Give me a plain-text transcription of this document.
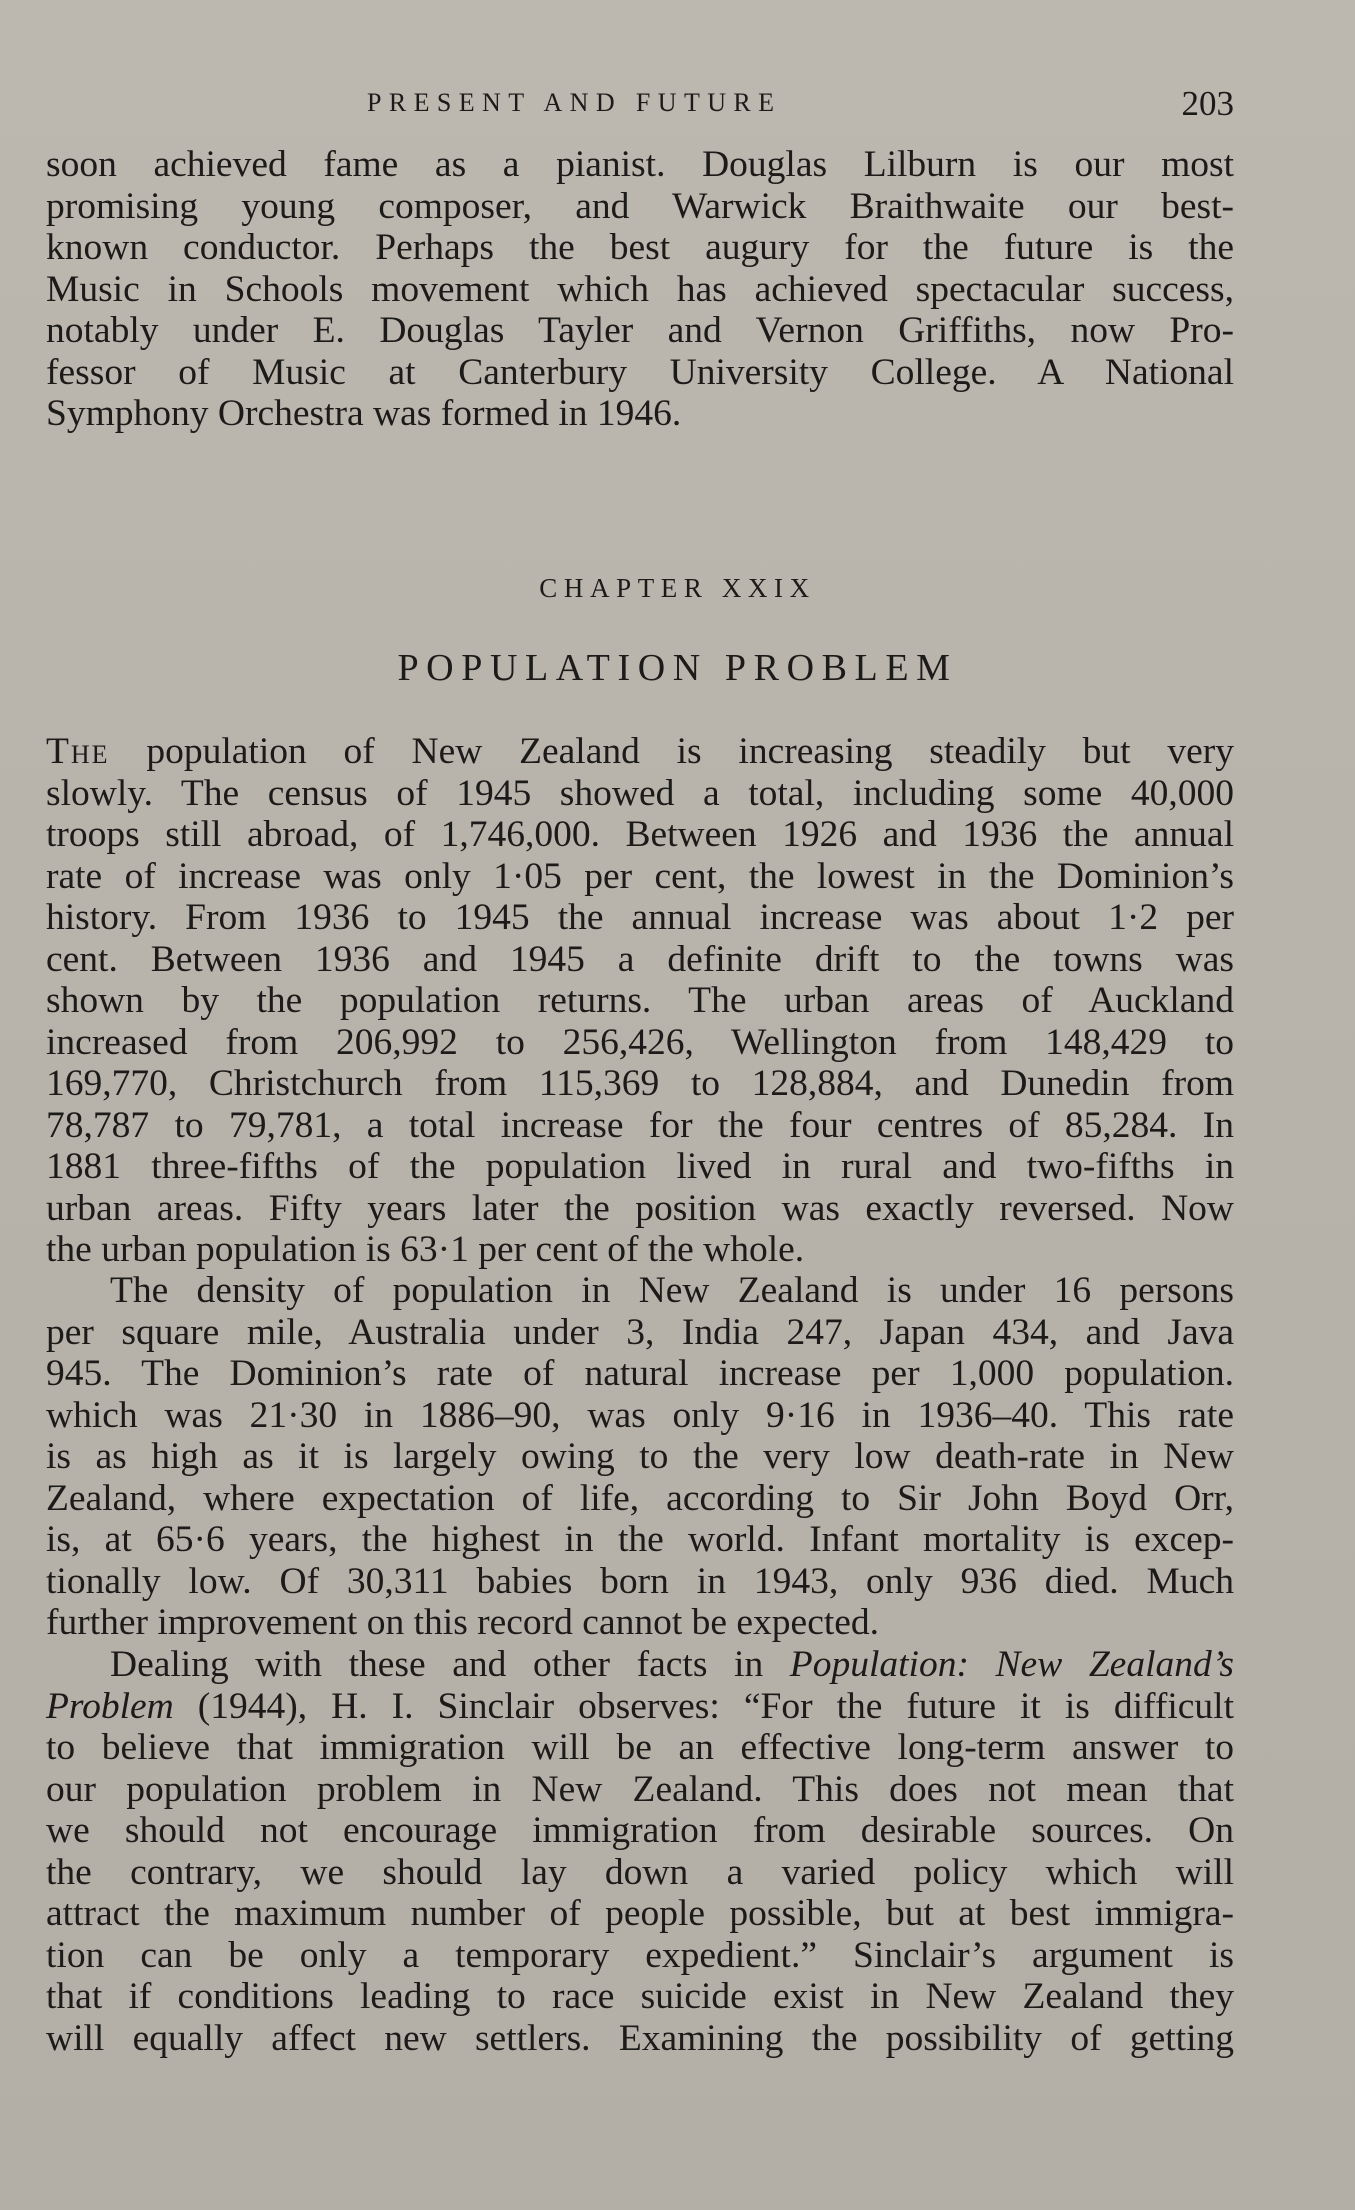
PRESENT AND FUTURE	203
soon achieved fame as a pianist. Douglas Lilburn is our most
promising young composer, and Warwick Braithwaite our best-
known conductor. Perhaps the best augury for the future is the
Music in Schools movement which has achieved spectacular success,
notably under E. Douglas Tayler and Vernon Griffiths, now Pro-
fessor of Music at Canterbury University College. A National
Symphony Orchestra was formed in 1946.
CHAPTER XXIX
POPULATION PROBLEM
The population of New Zealand is increasing steadily but very
slowly. The census of 1945 showed a total, including some 40,000
troops still abroad, of 1,746,000. Between 1926 and 1936 the annual
rate of increase was only 1·05 per cent, the lowest in the Dominion’s
history. From 1936 to 1945 the annual increase was about 1·2 per
cent. Between 1936 and 1945 a definite drift to the towns was
shown by the population returns. The urban areas of Auckland
increased from 206,992 to 256,426, Wellington from 148,429 to
169,770, Christchurch from 115,369 to 128,884, and Dunedin from
78,787 to 79,781, a total increase for the four centres of 85,284. In
1881 three-fifths of the population lived in rural and two-fifths in
urban areas. Fifty years later the position was exactly reversed. Now
the urban population is 63·1 per cent of the whole.
The density of population in New Zealand is under 16 persons
per square mile, Australia under 3, India 247, Japan 434, and Java
945. The Dominion’s rate of natural increase per 1,000 population.
which was 21·30 in 1886–90, was only 9·16 in 1936–40. This rate
is as high as it is largely owing to the very low death-rate in New
Zealand, where expectation of life, according to Sir John Boyd Orr,
is, at 65·6 years, the highest in the world. Infant mortality is excep-
tionally low. Of 30,311 babies born in 1943, only 936 died. Much
further improvement on this record cannot be expected.
Dealing with these and other facts in Population: New Zealand’s
Problem (1944), H. I. Sinclair observes: “For the future it is difficult
to believe that immigration will be an effective long-term answer to
our population problem in New Zealand. This does not mean that
we should not encourage immigration from desirable sources. On
the contrary, we should lay down a varied policy which will
attract the maximum number of people possible, but at best immigra-
tion can be only a temporary expedient.” Sinclair’s argument is
that if conditions leading to race suicide exist in New Zealand they
will equally affect new settlers. Examining the possibility of getting
